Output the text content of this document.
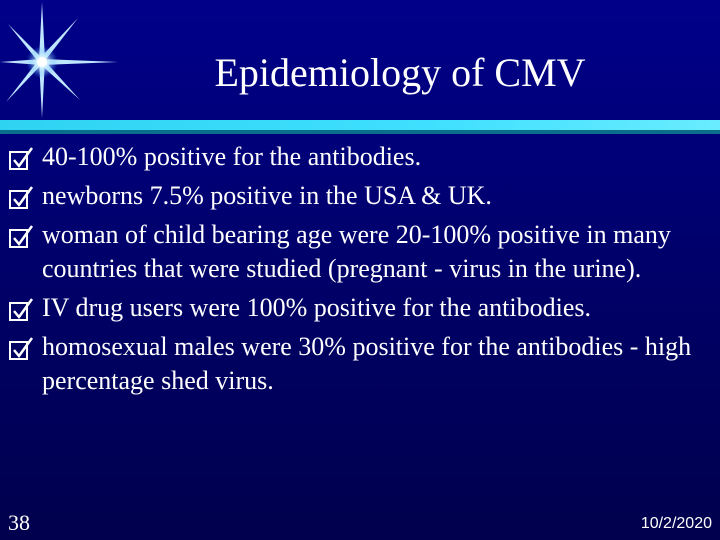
Epidemiology of CMV
40-100% positive for the antibodies.
newborns 7.5% positive in the USA & UK.
woman of child bearing age were 20-100% positive in many countries that were studied (pregnant - virus in the urine).
IV drug users were 100% positive for the antibodies.
homosexual males were 30% positive for the antibodies - high percentage shed virus.
38	10/2/2020
